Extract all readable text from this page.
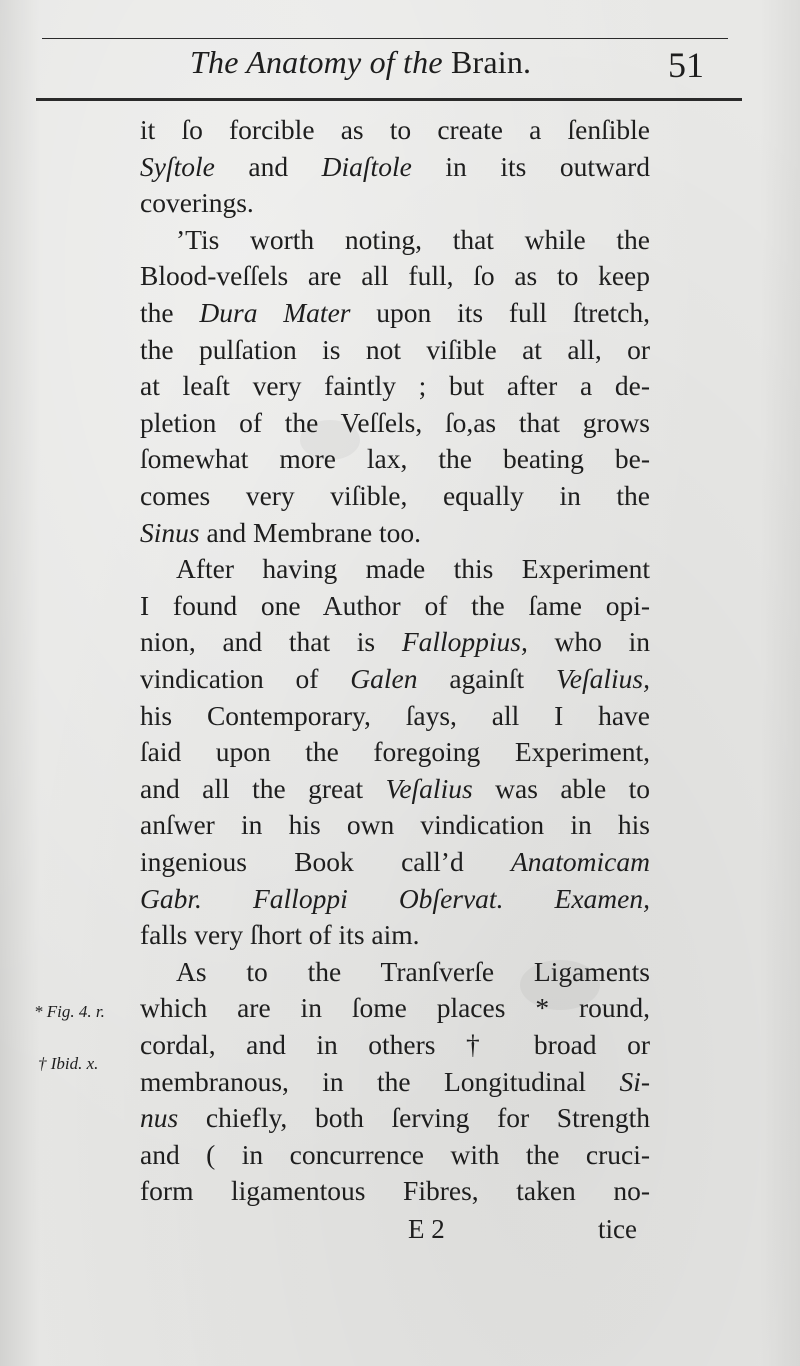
The Anatomy of the Brain.	51
it ſo forcible as to create a ſenſible
Syſtole and Diaſtole in its outward
coverings.
’Tis worth noting, that while the
Blood-veſſels are all full, ſo as to keep
the Dura Mater upon its full ſtretch,
the pulſation is not viſible at all, or
at leaſt very faintly ; but after a de-
pletion of the Veſſels, ſo,as that grows
ſomewhat more lax, the beating be-
comes very viſible, equally in the
Sinus and Membrane too.
After having made this Experiment
I found one Author of the ſame opi-
nion, and that is Falloppius, who in
vindication of Galen againſt Veſalius,
his Contemporary, ſays, all I have
ſaid upon the foregoing Experiment,
and all the great Veſalius was able to
anſwer in his own vindication in his
ingenious Book call’d Anatomicam
Gabr. Falloppi Obſervat. Examen,
falls very ſhort of its aim.
As to the Tranſverſe Ligaments
which are in ſome places * round,
cordal, and in others † broad or
membranous, in the Longitudinal Si-
nus chiefly, both ſerving for Strength
and ( in concurrence with the cruci-
form ligamentous Fibres, taken no-
* Fig. 4. r.
† Ibid. x.
E 2	tice
